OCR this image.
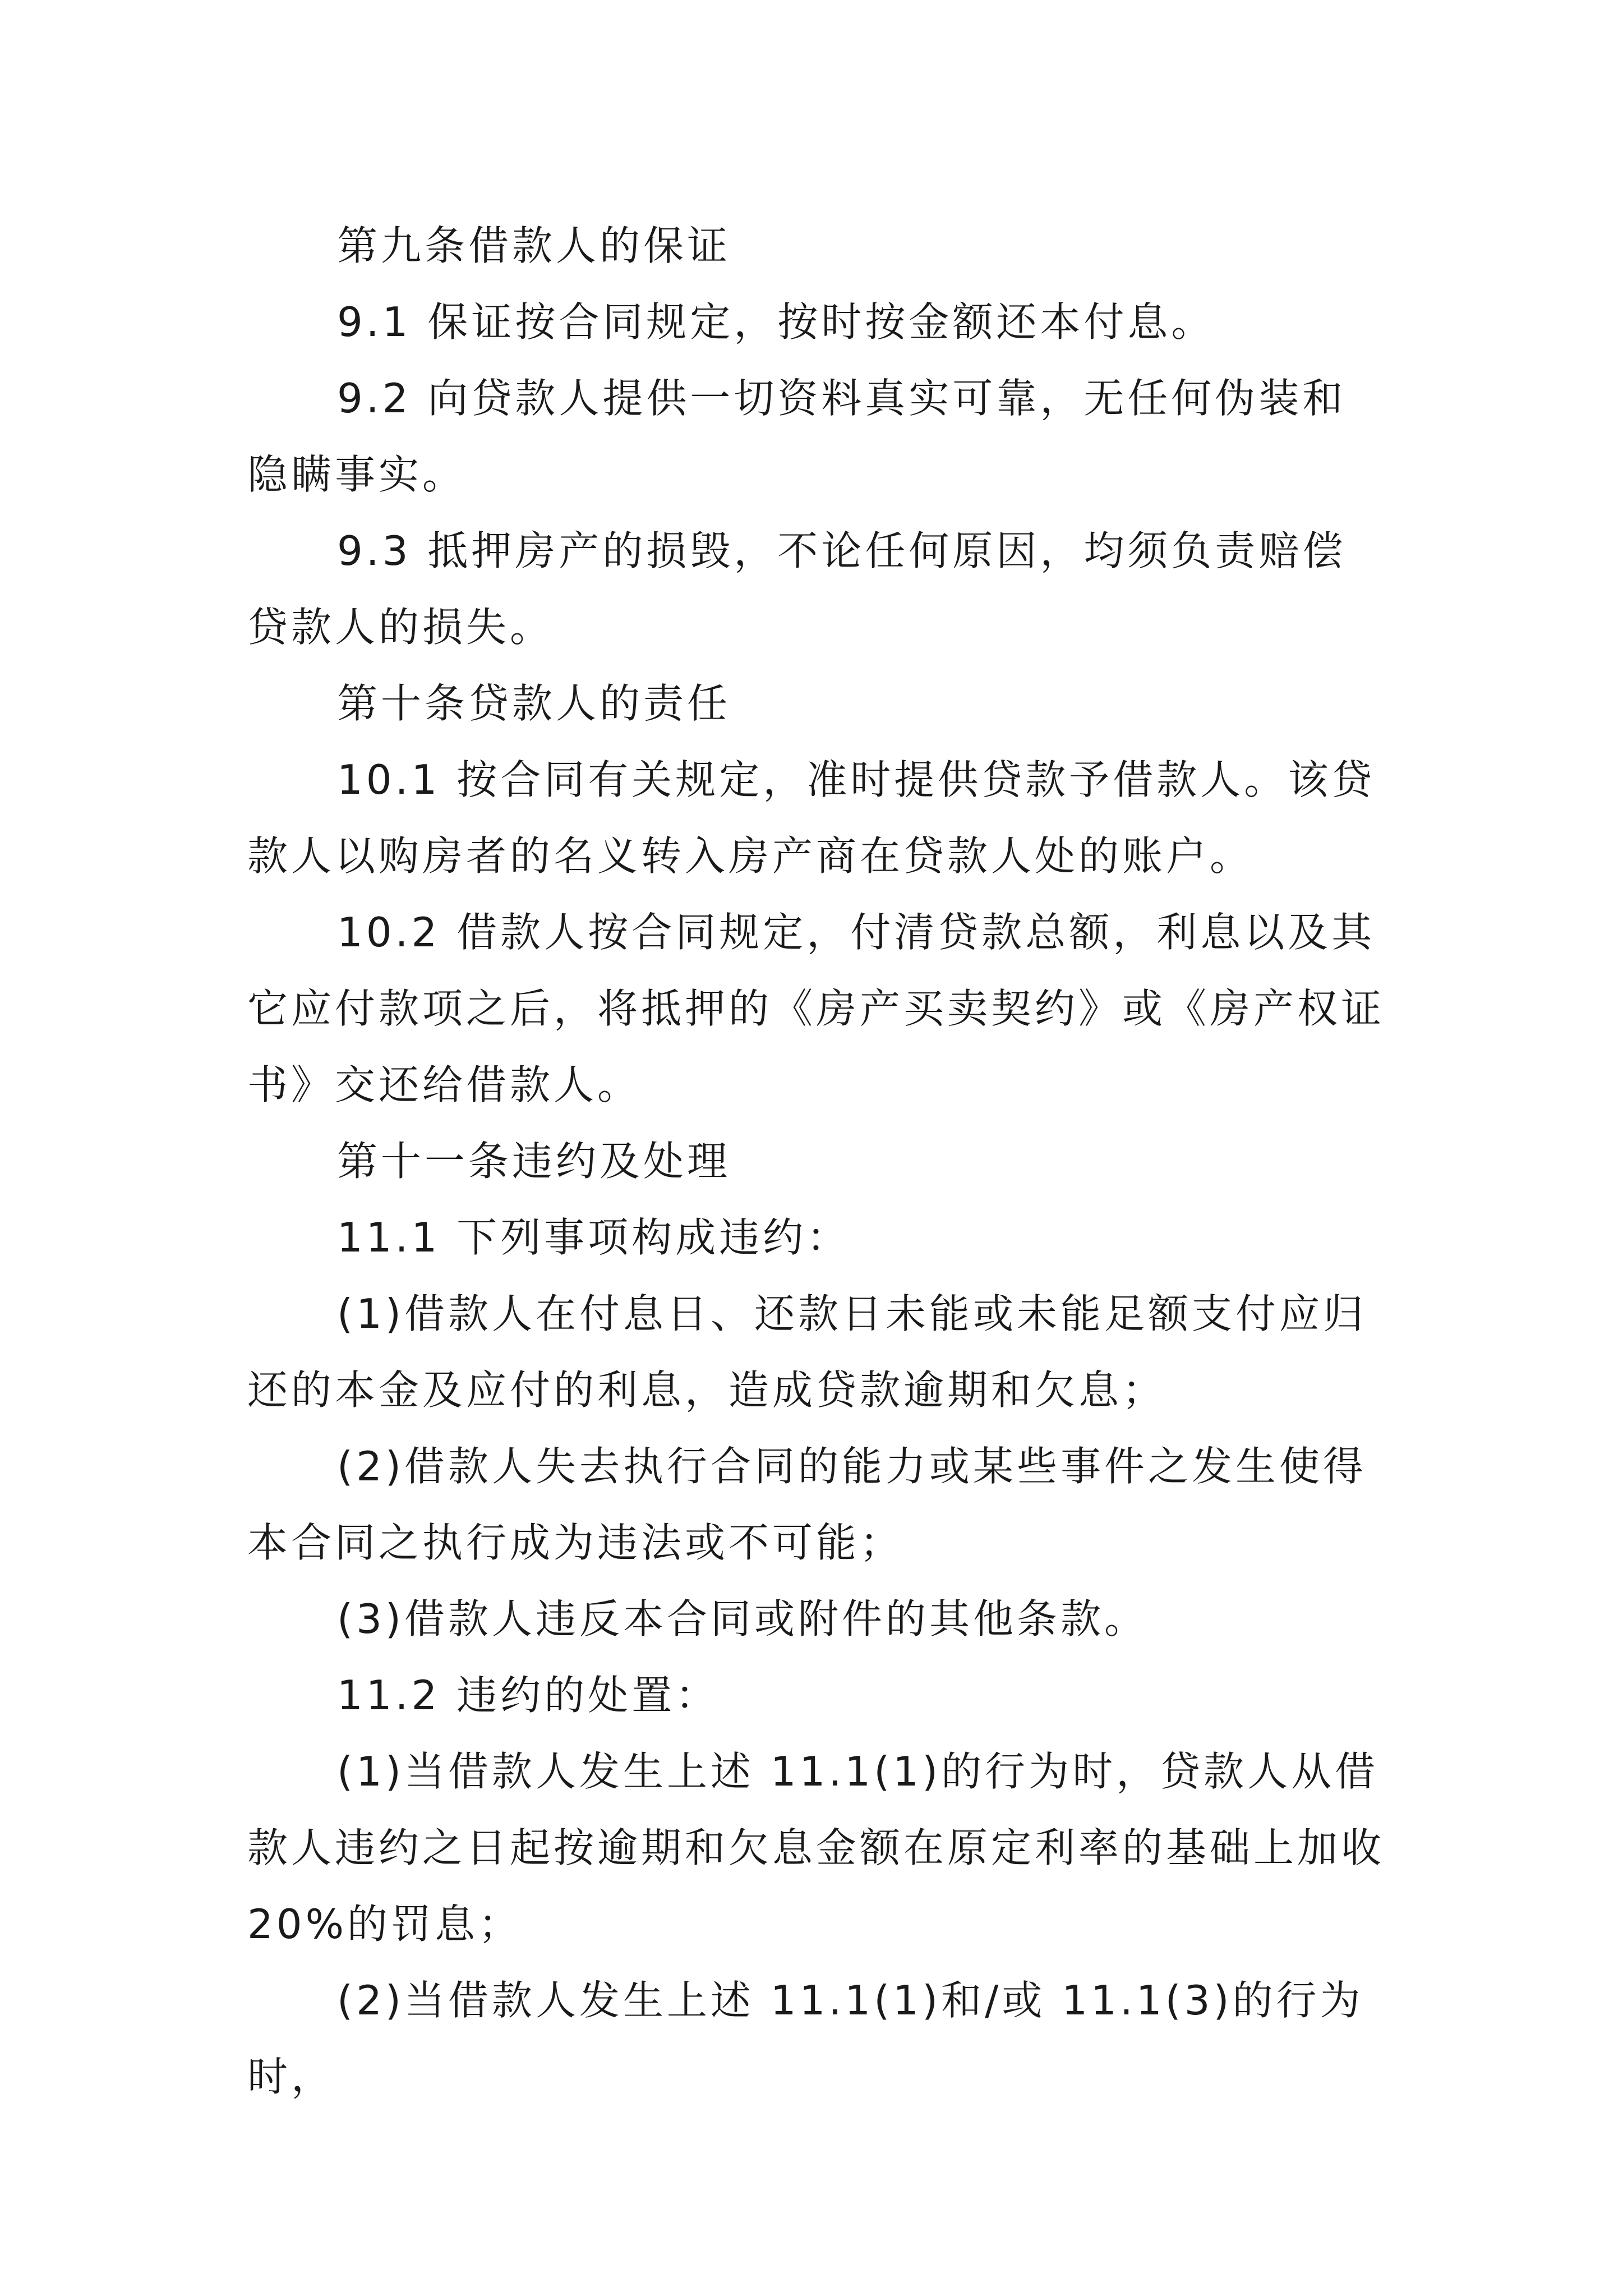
第九条借款人的保证

9.1 保证按合同规定，按时按金额还本付息。

9.2 向贷款人提供一切资料真实可靠，无任何伪装和隐瞒事实。

9.3 抵押房产的损毁，不论任何原因，均须负责赔偿贷款人的损失。

第十条贷款人的责任

10.1 按合同有关规定，准时提供贷款予借款人。该贷款人以购房者的名义转入房产商在贷款人处的账户。

10.2 借款人按合同规定，付清贷款总额，利息以及其它应付款项之后，将抵押的《房产买卖契约》或《房产权证书》交还给借款人。

第十一条违约及处理

11.1 下列事项构成违约：

(1)借款人在付息日、还款日未能或未能足额支付应归还的本金及应付的利息，造成贷款逾期和欠息；

(2)借款人失去执行合同的能力或某些事件之发生使得本合同之执行成为违法或不可能；

(3)借款人违反本合同或附件的其他条款。

11.2 违约的处置：

(1)当借款人发生上述 11.1(1)的行为时，贷款人从借款人违约之日起按逾期和欠息金额在原定利率的基础上加收20%的罚息；

(2)当借款人发生上述 11.1(1)和/或 11.1(3)的行为时，
